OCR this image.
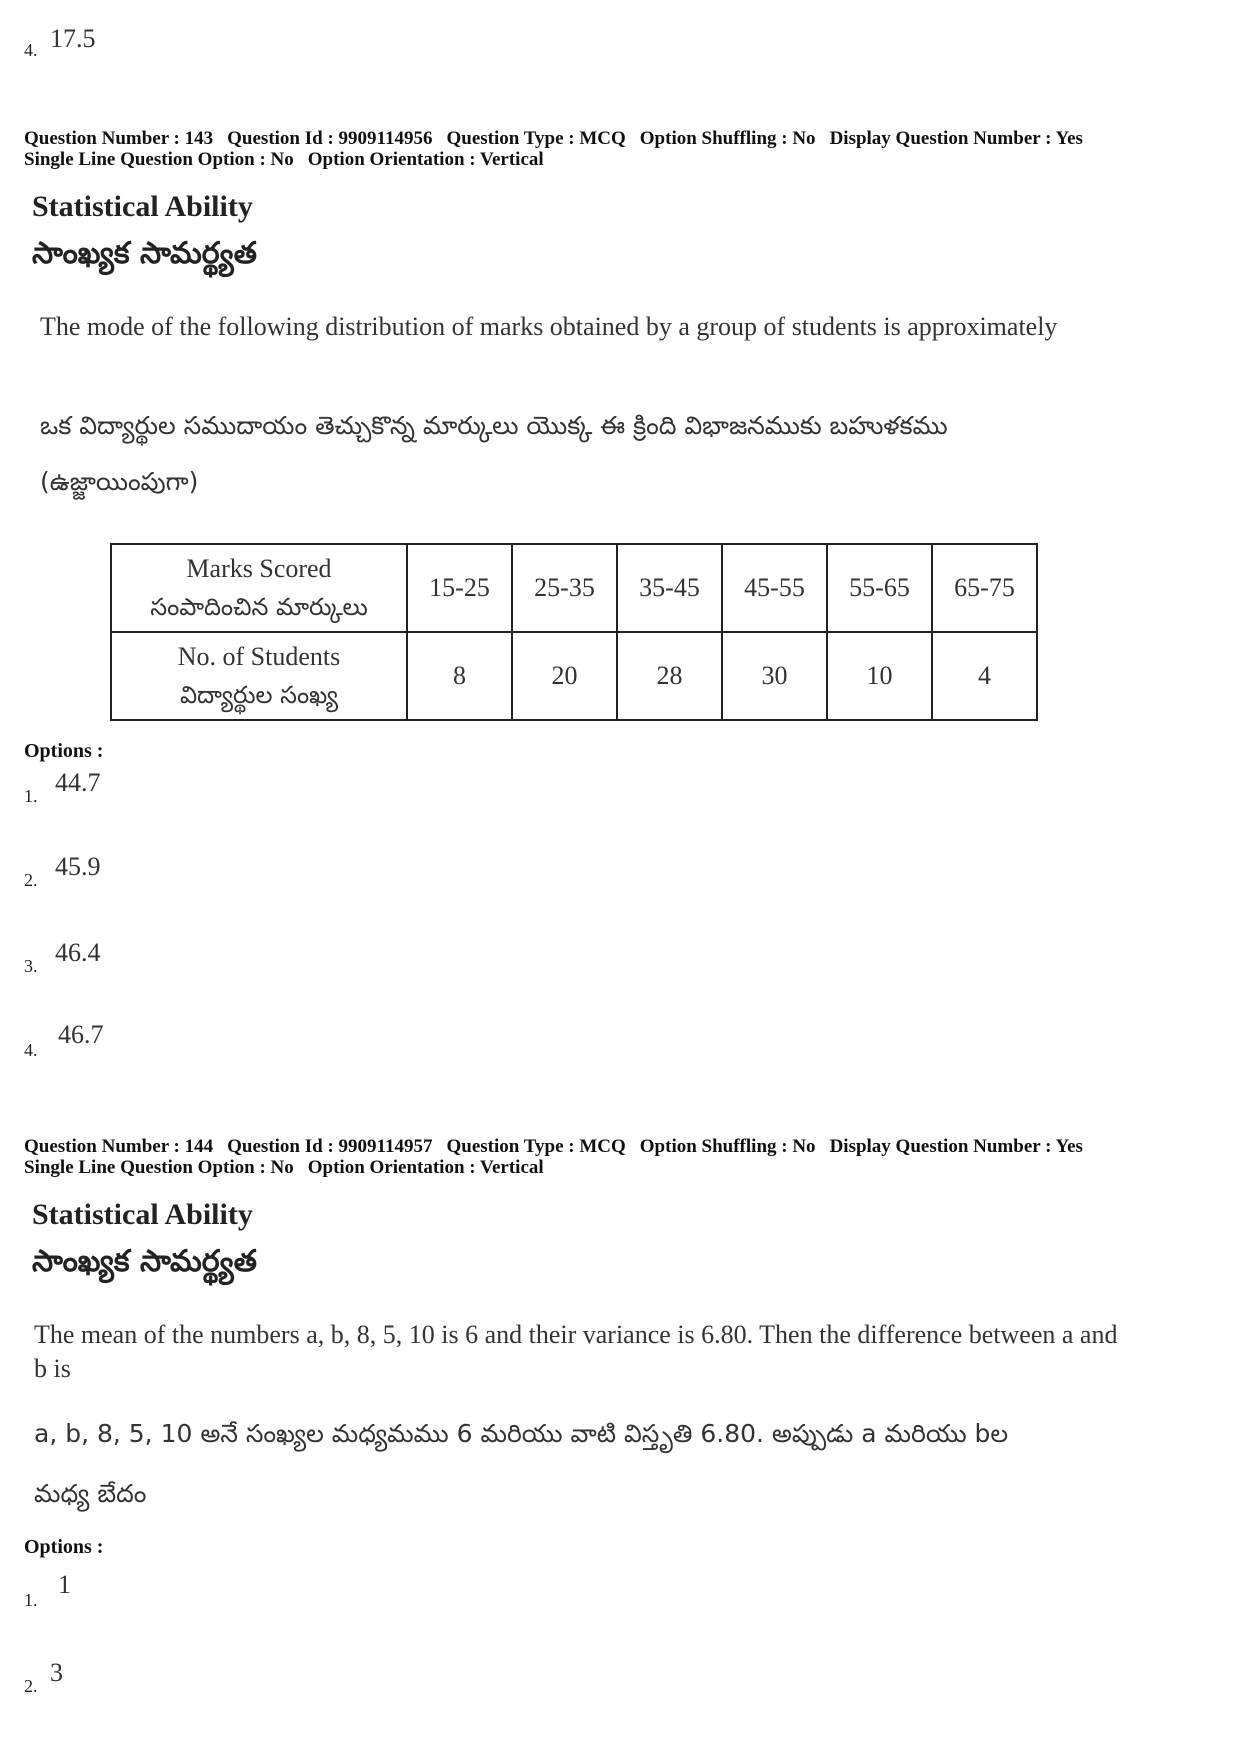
4. 17.5
Question Number : 143 Question Id : 9909114956 Question Type : MCQ Option Shuffling : No Display Question Number : Yes
Single Line Question Option : No Option Orientation : Vertical
Statistical Ability
సాంఖ్యక సామర్థ్యత
The mode of the following distribution of marks obtained by a group of students is approximately
ఒక విద్యార్థుల సముదాయం తెచ్చుకొన్న మార్కులు యొక్క ఈ క్రింది విభాజనముకు బహుళకము
(ఉజ్జాయింపుగా)
Marks Scored
సంపాదించిన మార్కులు	15-25	25-35	35-45	45-55	55-65	65-75

No. of Students
విద్యార్థుల సంఖ్య	8	20	28	30	10	4
Options :
1. 44.7
2. 45.9
3. 46.4
4.
46.7
Question Number : 144 Question Id : 9909114957 Question Type : MCQ Option Shuffling : No Display Question Number : Yes
Single Line Question Option : No Option Orientation : Vertical
Statistical Ability
సాంఖ్యక సామర్థ్యత
The mean of the numbers a, b, 8, 5, 10 is 6 and their variance is 6.80. Then the difference between a and b is
a, b, 8, 5, 10 అనే సంఖ్యల మధ్యమము 6 మరియు వాటి విస్తృతి 6.80. అప్పుడు a మరియు bల
మధ్య బేదం
Options :
1.
1
2. 3
